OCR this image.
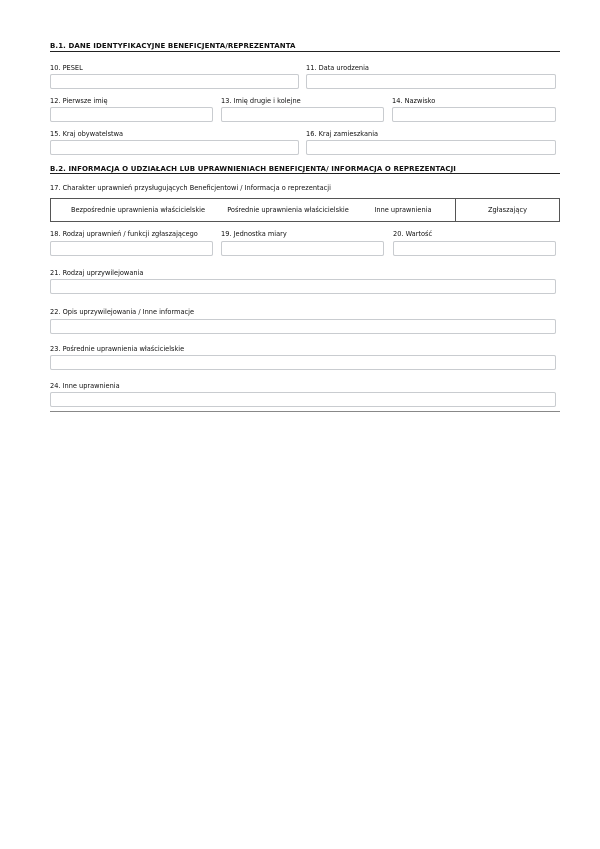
B.1. DANE IDENTYFIKACYJNE BENEFICJENTA/REPREZENTANTA
10. PESEL	11. Data urodzenia
12. Pierwsze imię	13. Imię drugie i kolejne	14. Nazwisko
15. Kraj obywatelstwa	16. Kraj zamieszkania
B.2. INFORMACJA O UDZIAŁACH LUB UPRAWNIENIACH BENEFICJENTA/ INFORMACJA O REPREZENTACJI
17. Charakter uprawnień przysługujących Beneficjentowi / Informacja o reprezentacji
Bezpośrednie uprawnienia właścicielskie	Pośrednie uprawnienia właścicielskie	Inne uprawnienia	Zgłaszający
18. Rodzaj uprawnień / funkcji zgłaszającego	19. Jednostka miary	20. Wartość
21. Rodzaj uprzywilejowania
22. Opis uprzywilejowania / Inne informacje
23. Pośrednie uprawnienia właścicielskie
24. Inne uprawnienia
